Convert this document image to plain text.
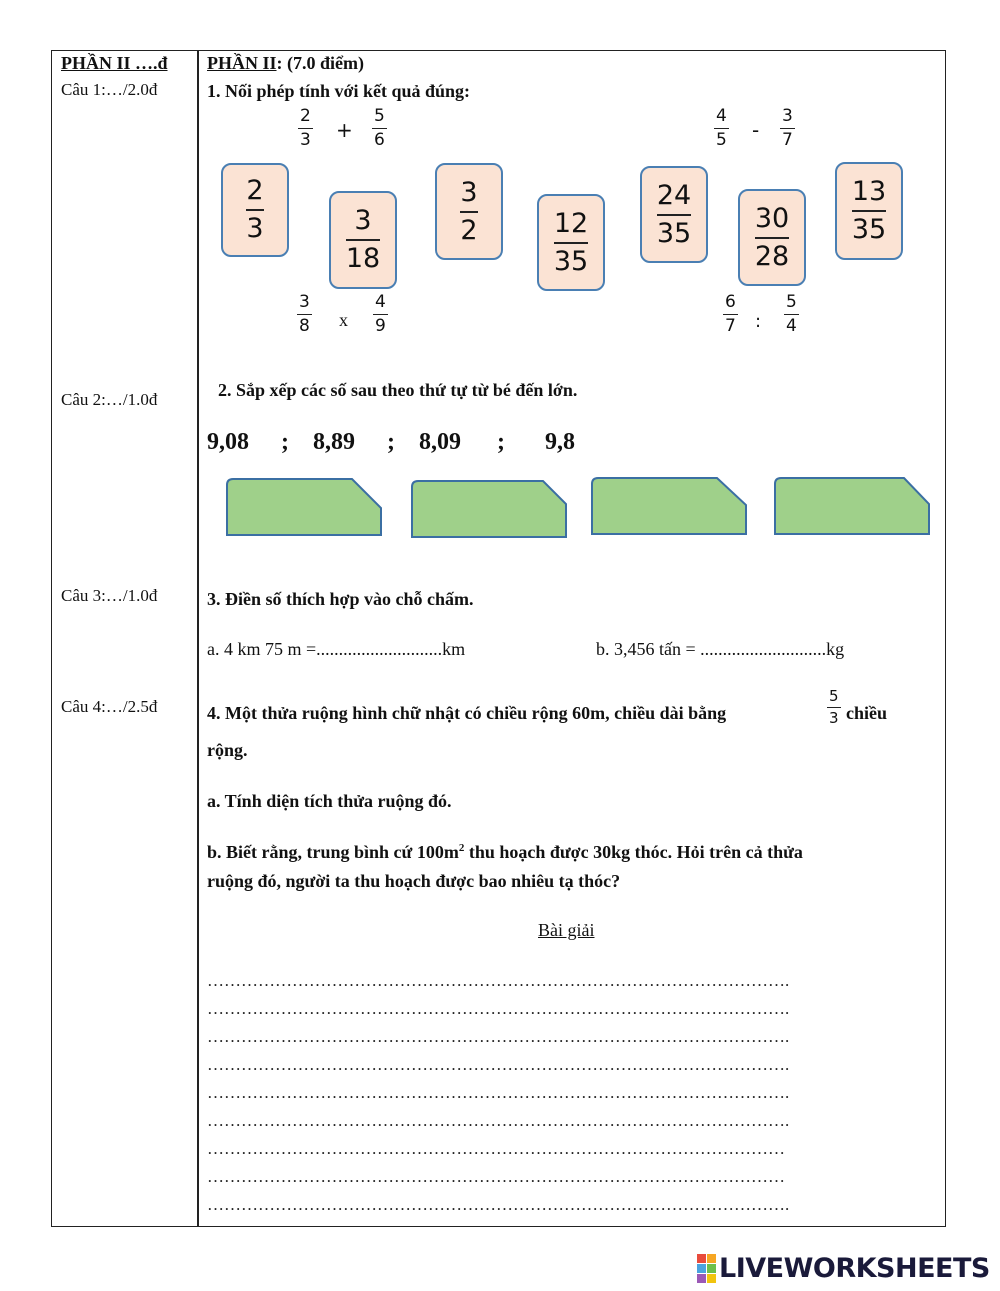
PHẦN II ….đ
Câu 1:…/2.0đ
Câu 2:…/1.0đ
Câu 3:…/1.0đ
Câu 4:…/2.5đ
PHẦN II: (7.0 điểm)
1. Nối phép tính với kết quả đúng:
2
3 +
5
6
4
5 -
3
7
$\frac{2}{3}$	$\frac{3}{18}$	$\frac{3}{2}$	$\frac{12}{35}$	$\frac{24}{35} \frac{30}{28} \frac{13}{35}$
3
8 x
4
9
6
7 :
5
4
2. Sắp xếp các số sau theo thứ tự từ bé đến lớn.
9,08 ; 8,89 ; 8,09 ; 9,8
3. Điền số thích hợp vào chỗ chấm.
a. 4 km 75 m =............................km	b. 3,456 tấn = ............................kg
4. Một thửa ruộng hình chữ nhật có chiều rộng 60m, chiều dài bằng
5
3 chiều
rộng.
a. Tính diện tích thửa ruộng đó.
b. Biết rằng, trung bình cứ $100m^2$ thu hoạch được 30kg thóc. Hỏi trên cả thửa
ruộng đó, người ta thu hoạch được bao nhiêu tạ thóc?
Bài giải
………………………………………………………………………………………….
………………………………………………………………………………………….
………………………………………………………………………………………….
………………………………………………………………………………………….
………………………………………………………………………………………….
………………………………………………………………………………………….
…………………………………………………………………………………………
…………………………………………………………………………………………
………………………………………………………………………………………….
LIVEWORKSHEETS
